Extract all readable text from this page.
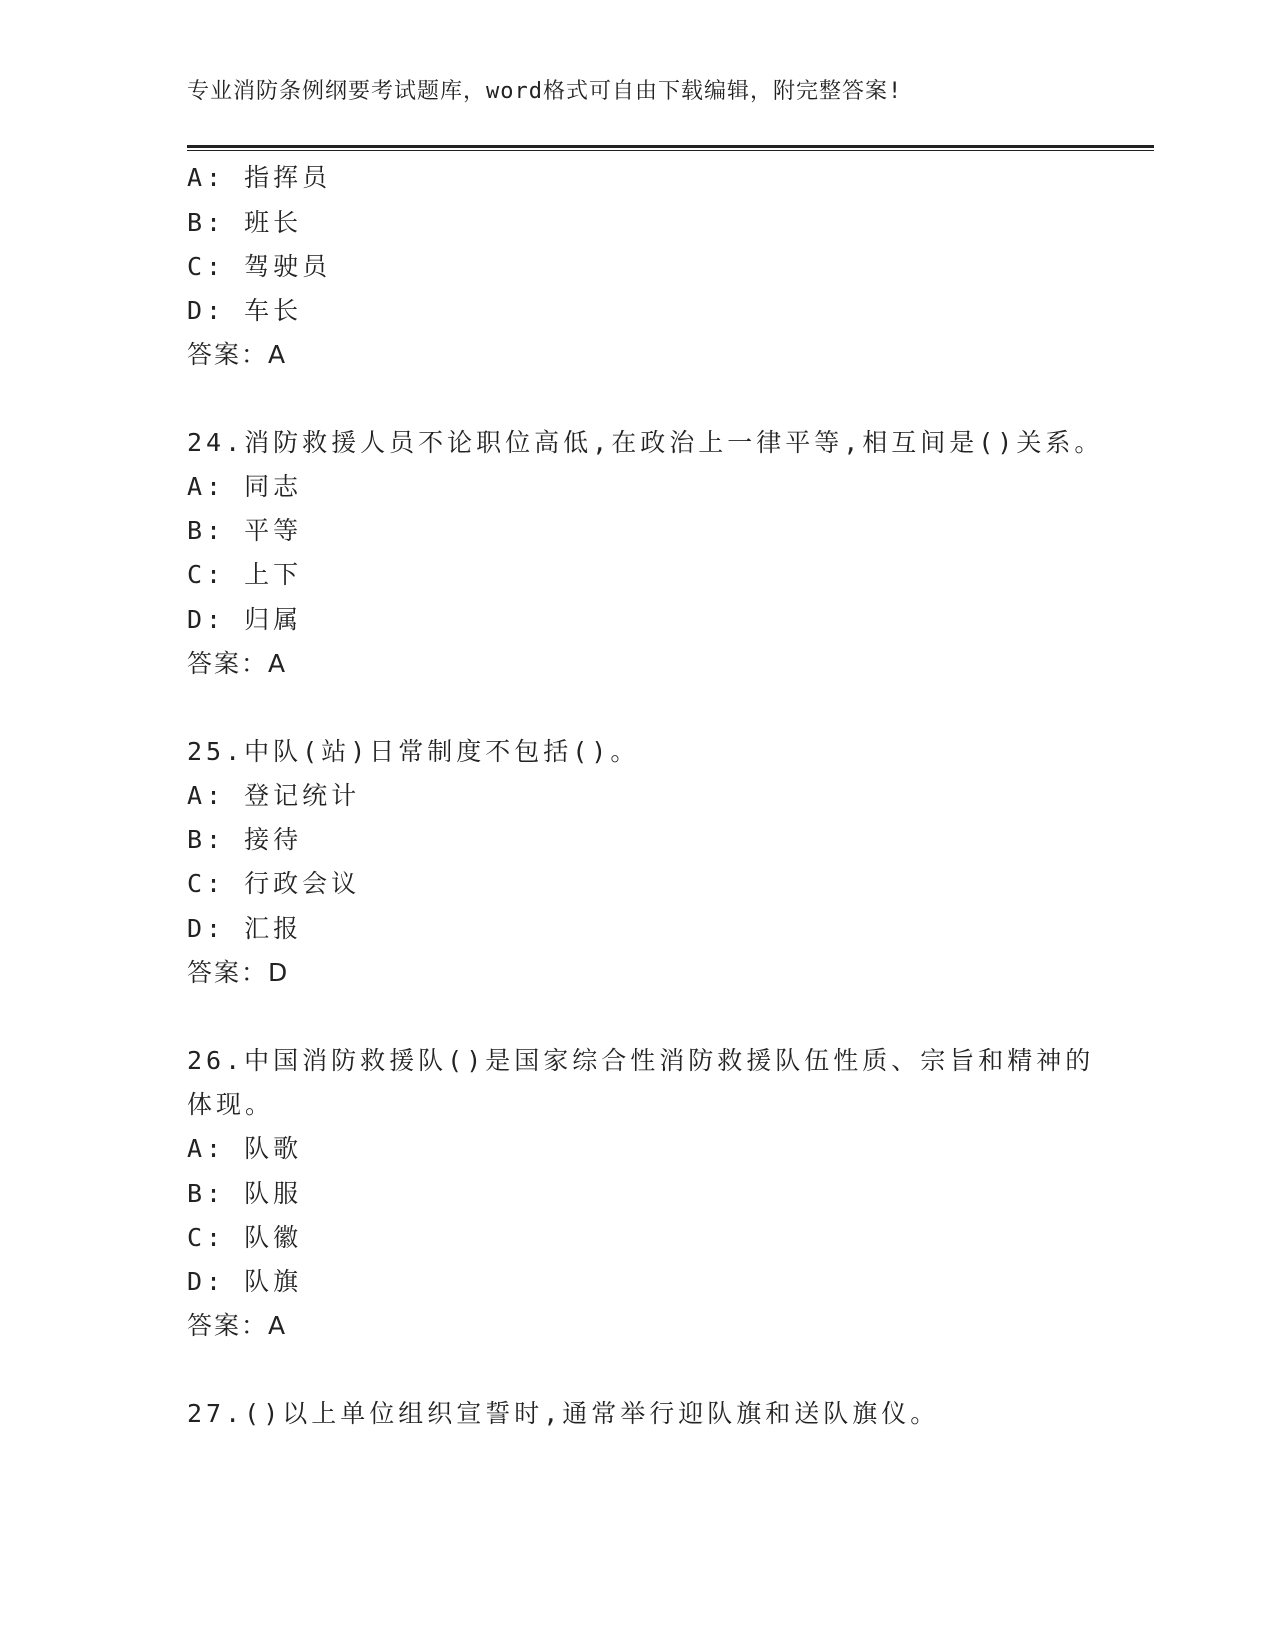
专业消防条例纲要考试题库，word格式可自由下载编辑，附完整答案!
A: 指挥员
B: 班长
C: 驾驶员
D: 车长
答案：A
24.消防救援人员不论职位高低,在政治上一律平等,相互间是()关系。
A: 同志
B: 平等
C: 上下
D: 归属
答案：A
25.中队(站)日常制度不包括()。
A: 登记统计
B: 接待
C: 行政会议
D: 汇报
答案：D
26.中国消防救援队()是国家综合性消防救援队伍性质、宗旨和精神的
体现。
A: 队歌
B: 队服
C: 队徽
D: 队旗
答案：A
27.()以上单位组织宣誓时,通常举行迎队旗和送队旗仪。
